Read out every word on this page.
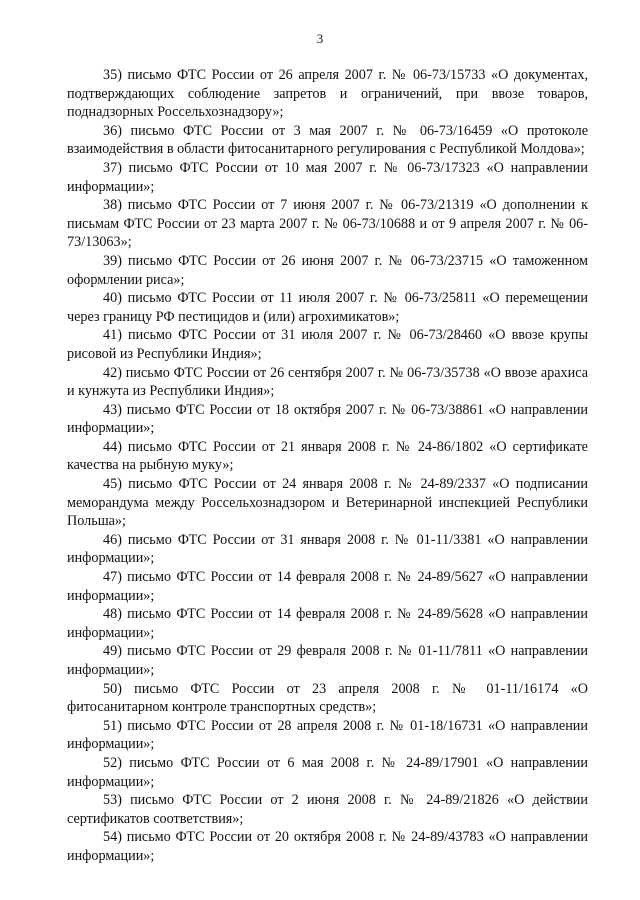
3

35) письмо ФТС России от 26 апреля 2007 г. № 06-73/15733 «О документах, подтверждающих соблюдение запретов и ограничений, при ввозе товаров, поднадзорных Россельхознадзору»;

36) письмо ФТС России от 3 мая 2007 г. № 06-73/16459 «О протоколе взаимодействия в области фитосанитарного регулирования с Республикой Молдова»;

37) письмо ФТС России от 10 мая 2007 г. № 06-73/17323 «О направлении информации»;

38) письмо ФТС России от 7 июня 2007 г. № 06-73/21319 «О дополнении к письмам ФТС России от 23 марта 2007 г. № 06-73/10688 и от 9 апреля 2007 г. № 06-73/13063»;

39) письмо ФТС России от 26 июня 2007 г. № 06-73/23715 «О таможенном оформлении риса»;

40) письмо ФТС России от 11 июля 2007 г. № 06-73/25811 «О перемещении через границу РФ пестицидов и (или) агрохимикатов»;

41) письмо ФТС России от 31 июля 2007 г. № 06-73/28460 «О ввозе крупы рисовой из Республики Индия»;

42) письмо ФТС России от 26 сентября 2007 г. № 06-73/35738 «О ввозе арахиса и кунжута из Республики Индия»;

43) письмо ФТС России от 18 октября 2007 г. № 06-73/38861 «О направлении информации»;

44) письмо ФТС России от 21 января 2008 г. № 24-86/1802 «О сертификате качества на рыбную муку»;

45) письмо ФТС России от 24 января 2008 г. № 24-89/2337 «О подписании меморандума между Россельхознадзором и Ветеринарной инспекцией Республики Польша»;

46) письмо ФТС России от 31 января 2008 г. № 01-11/3381 «О направлении информации»;

47) письмо ФТС России от 14 февраля 2008 г. № 24-89/5627 «О направлении информации»;

48) письмо ФТС России от 14 февраля 2008 г. № 24-89/5628 «О направлении информации»;

49) письмо ФТС России от 29 февраля 2008 г. № 01-11/7811 «О направлении информации»;

50) письмо ФТС России от 23 апреля 2008 г. № 01-11/16174 «О фитосанитарном контроле транспортных средств»;

51) письмо ФТС России от 28 апреля 2008 г. № 01-18/16731 «О направлении информации»;

52) письмо ФТС России от 6 мая 2008 г. № 24-89/17901 «О направлении информации»;

53) письмо ФТС России от 2 июня 2008 г. № 24-89/21826 «О действии сертификатов соответствия»;

54) письмо ФТС России от 20 октября 2008 г. № 24-89/43783 «О направлении информации»;
